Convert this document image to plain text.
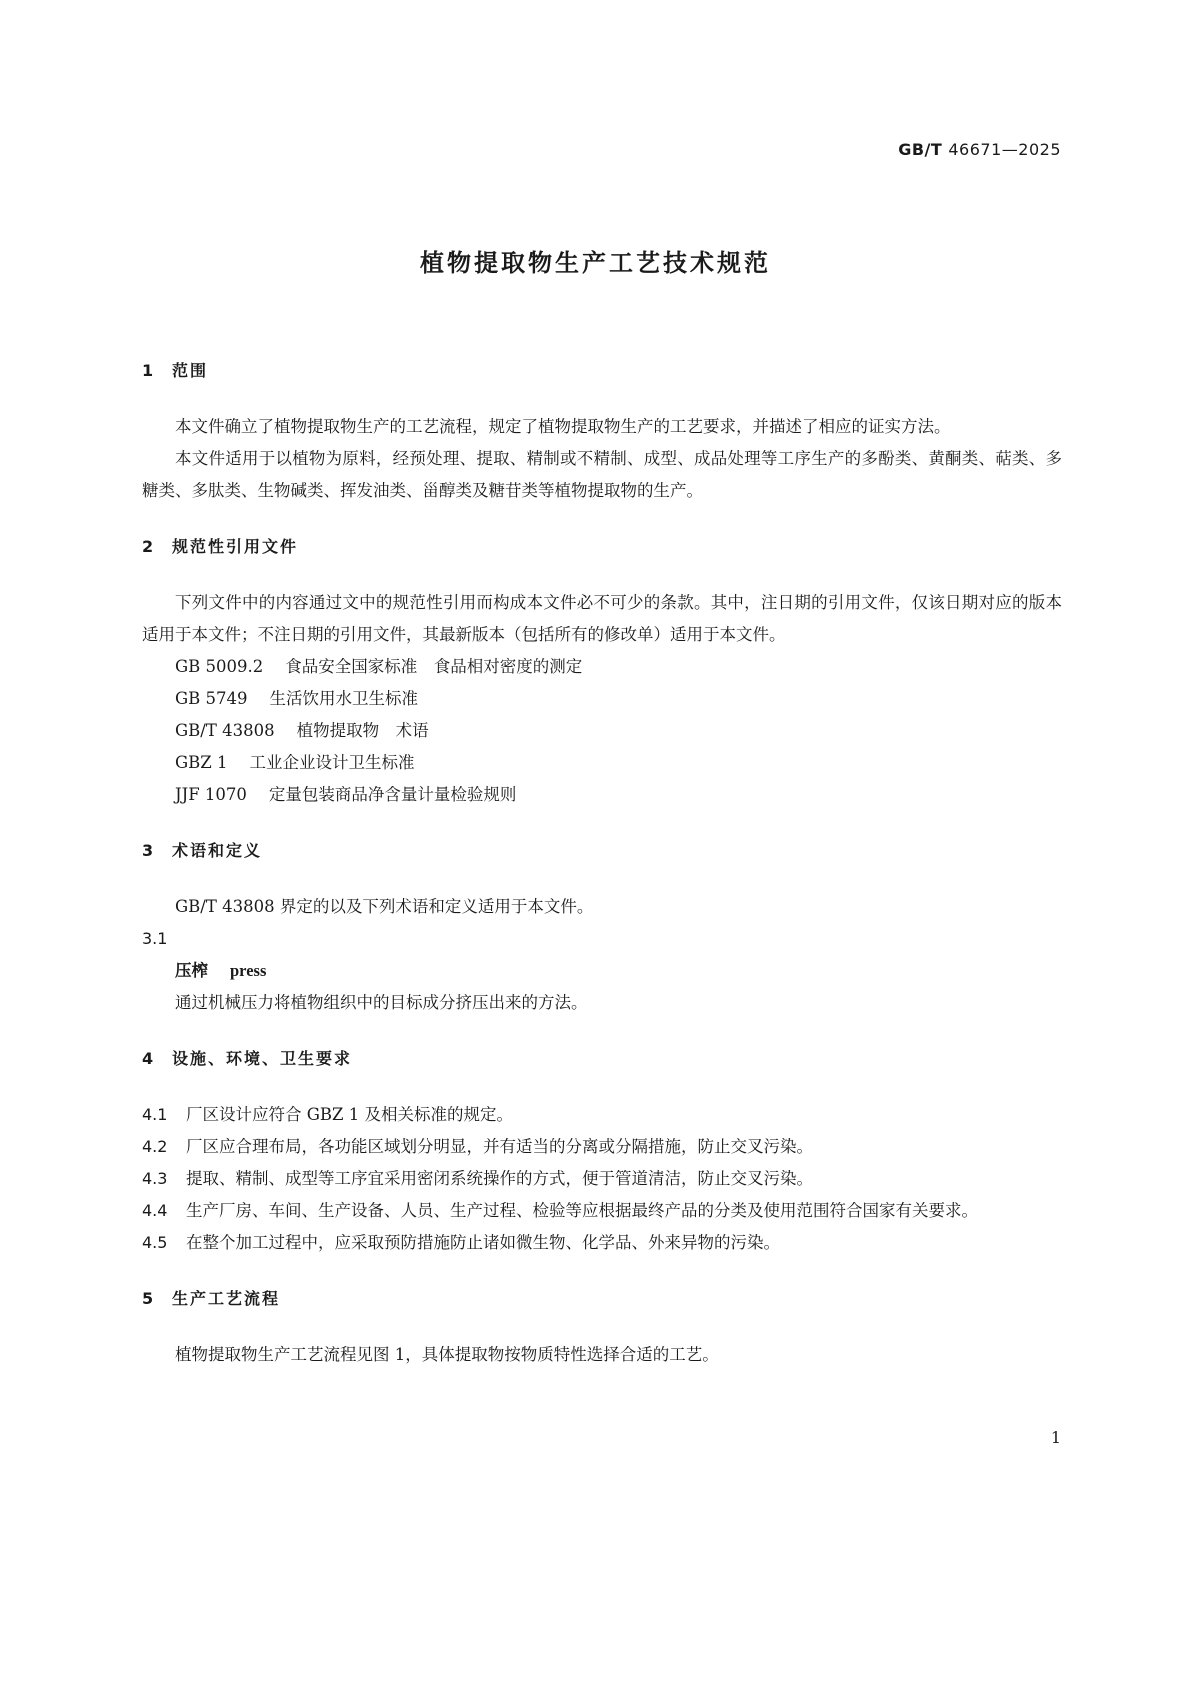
GB/T 46671—2025
植物提取物生产工艺技术规范
1 范围

本文件确立了植物提取物生产的工艺流程，规定了植物提取物生产的工艺要求，并描述了相应的证实方法。

本文件适用于以植物为原料，经预处理、提取、精制或不精制、成型、成品处理等工序生产的多酚类、黄酮类、萜类、多糖类、多肽类、生物碱类、挥发油类、甾醇类及糖苷类等植物提取物的生产。

2 规范性引用文件

下列文件中的内容通过文中的规范性引用而构成本文件必不可少的条款。其中，注日期的引用文件，仅该日期对应的版本适用于本文件；不注日期的引用文件，其最新版本（包括所有的修改单）适用于本文件。

GB 5009.2 食品安全国家标准　食品相对密度的测定

GB 5749 生活饮用水卫生标准

GB/T 43808 植物提取物　术语

GBZ 1 工业企业设计卫生标准

JJF 1070 定量包装商品净含量计量检验规则

3 术语和定义

GB/T 43808 界定的以及下列术语和定义适用于本文件。

3.1

压榨 press

通过机械压力将植物组织中的目标成分挤压出来的方法。

4 设施、环境、卫生要求

4.1 厂区设计应符合 GBZ 1 及相关标准的规定。

4.2 厂区应合理布局，各功能区域划分明显，并有适当的分离或分隔措施，防止交叉污染。

4.3 提取、精制、成型等工序宜采用密闭系统操作的方式，便于管道清洁，防止交叉污染。

4.4 生产厂房、车间、生产设备、人员、生产过程、检验等应根据最终产品的分类及使用范围符合国家有关要求。

4.5 在整个加工过程中，应采取预防措施防止诸如微生物、化学品、外来异物的污染。

5 生产工艺流程

植物提取物生产工艺流程见图 1，具体提取物按物质特性选择合适的工艺。

1
